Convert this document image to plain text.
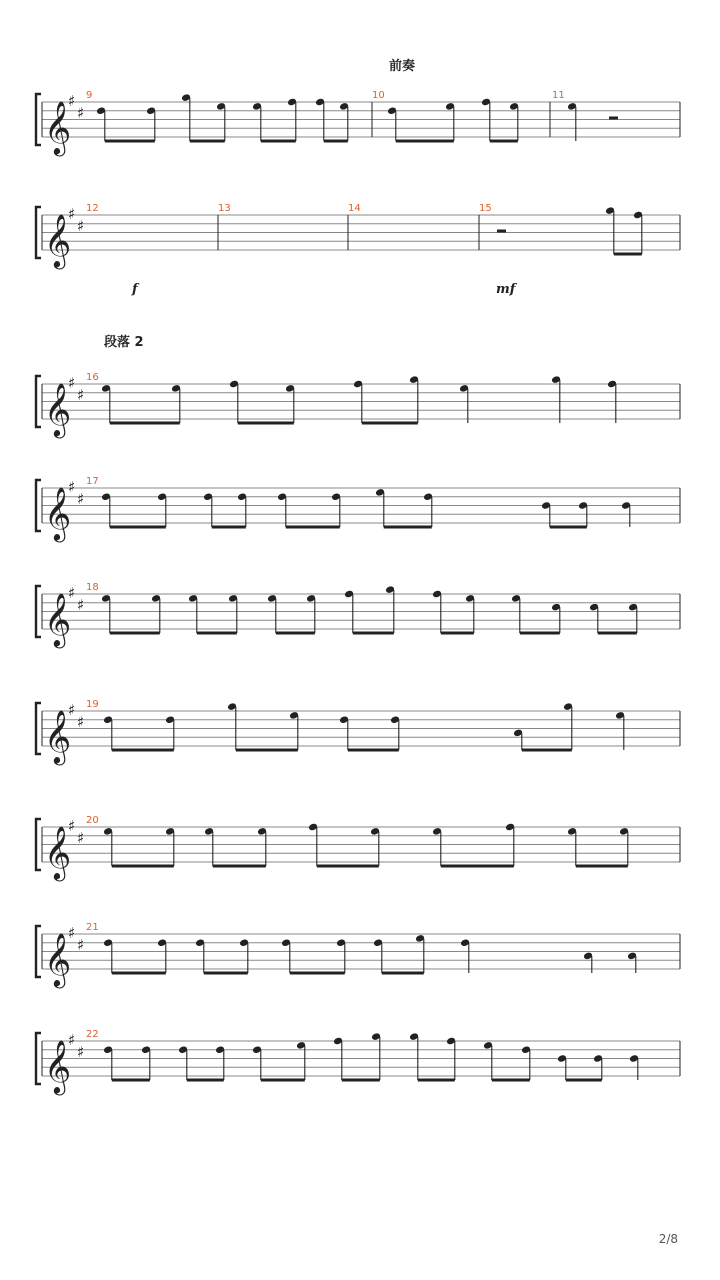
前奏
段落 2
2/8
𝄞
♯
♯
9	10	11
𝄞
♯
♯
12	13	14	15
f	mf
𝄞
♯
♯
16
𝄞
♯
♯
17
𝄞
♯
♯
18
𝄞
♯
♯
19
𝄞
♯
♯
20
𝄞
♯
♯
21
𝄞
♯
♯
22
